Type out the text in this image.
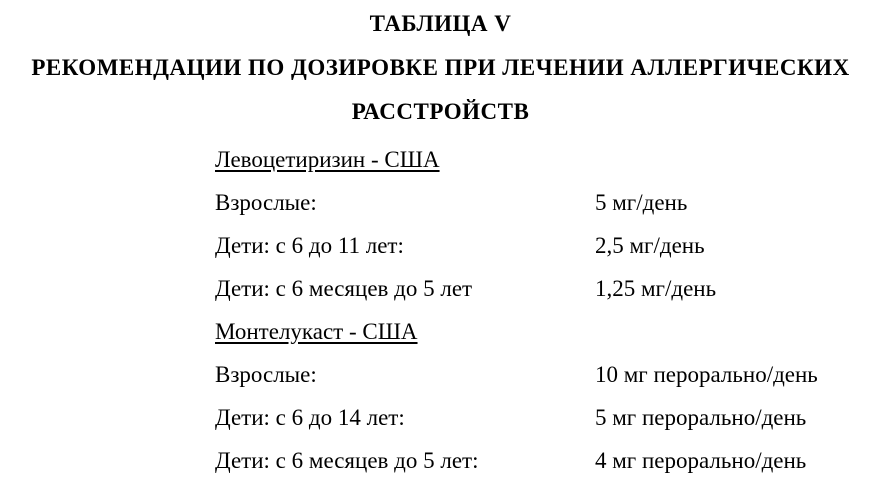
ТАБЛИЦА V
РЕКОМЕНДАЦИИ ПО ДОЗИРОВКЕ ПРИ ЛЕЧЕНИИ АЛЛЕРГИЧЕСКИХ
РАССТРОЙСТВ
Левоцетиризин - США
Взрослые:	5 мг/день
Дети: с 6 до 11 лет:	2,5 мг/день
Дети: с 6 месяцев до 5 лет	1,25 мг/день
Монтелукаст - США
Взрослые:	10 мг перорально/день
Дети: с 6 до 14 лет:	5 мг перорально/день
Дети: с 6 месяцев до 5 лет:	4 мг перорально/день
